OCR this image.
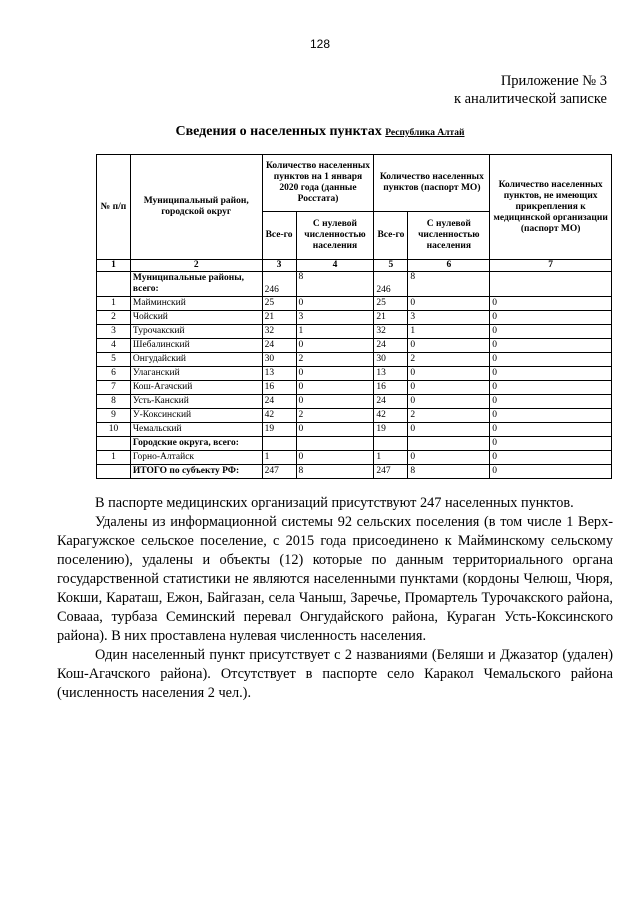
128
Приложение № 3
к аналитической записке
Сведения о населенных пунктах Республика Алтай
№ п/п	Муниципальный район, городской округ	Количество населенных пунктов на 1 января 2020 года (данные Росстата)		Количество населенных пунктов (паспорт МО)		Количество населенных пунктов, не имеющих прикрепления к медицинской организации (паспорт МО)
		Все-го	С нулевой численностью населения	Все-го	С нулевой численностью населения	
1	2	3	4	5	6	7
	Муниципальные районы, всего:	246	8	246	8	
1	Майминский	25	0	25	0	0
2	Чойский	21	3	21	3	0
3	Турочакский	32	1	32	1	0
4	Шебалинский	24	0	24	0	0
5	Онгудайский	30	2	30	2	0
6	Улаганский	13	0	13	0	0
7	Кош-Агачский	16	0	16	0	0
8	Усть-Канский	24	0	24	0	0
9	У-Коксинский	42	2	42	2	0
10	Чемальский	19	0	19	0	0
	Городские округа, всего:					0
1	Горно-Алтайск	1	0	1	0	0
	ИТОГО по субъекту РФ:	247	8	247	8	0

В паспорте медицинских организаций присутствуют 247 населенных пунктов.

Удалены из информационной системы 92 сельских поселения (в том числе 1 Верх-Карагужское сельское поселение, с 2015 года присоединено к Майминскому сельскому поселению), удалены и объекты (12) которые по данным территориального органа государственной статистики не являются населенными пунктами (кордоны Челюш, Чюря, Кокши, Караташ, Ежон, Байгазан, села Чаныш, Заречье, Промартель Турочакского района, Совааа, турбаза Семинский перевал Онгудайского района, Кураган Усть-Коксинского района). В них проставлена нулевая численность населения.

Один населенный пункт присутствует с 2 названиями (Беляши и Джазатор (удален) Кош-Агачского района). Отсутствует в паспорте село Каракол Чемальского района (численность населения 2 чел.).
